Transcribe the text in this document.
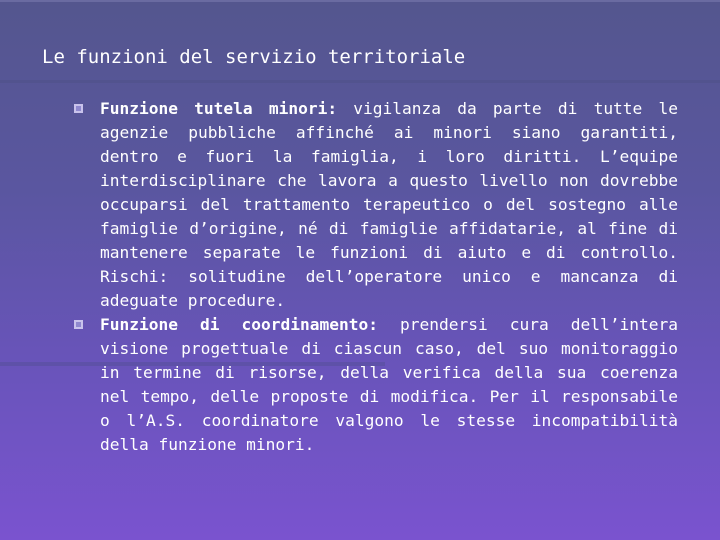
Le funzioni del servizio territoriale
Funzione tutela minori: vigilanza da parte di tutte le agenzie pubbliche affinché ai minori siano garantiti, dentro e fuori la famiglia, i loro diritti. L’equipe interdisciplinare che lavora a questo livello non dovrebbe occuparsi del trattamento terapeutico o del sostegno alle famiglie d’origine, né di famiglie affidatarie, al fine di mantenere separate le funzioni di aiuto e di controllo. Rischi: solitudine dell’operatore unico e mancanza di adeguate procedure.
Funzione di coordinamento: prendersi cura dell’intera visione progettuale di ciascun caso, del suo monitoraggio in termine di risorse, della verifica della sua coerenza nel tempo, delle proposte di modifica. Per il responsabile o l’A.S. coordinatore valgono le stesse incompatibilità della funzione minori.
